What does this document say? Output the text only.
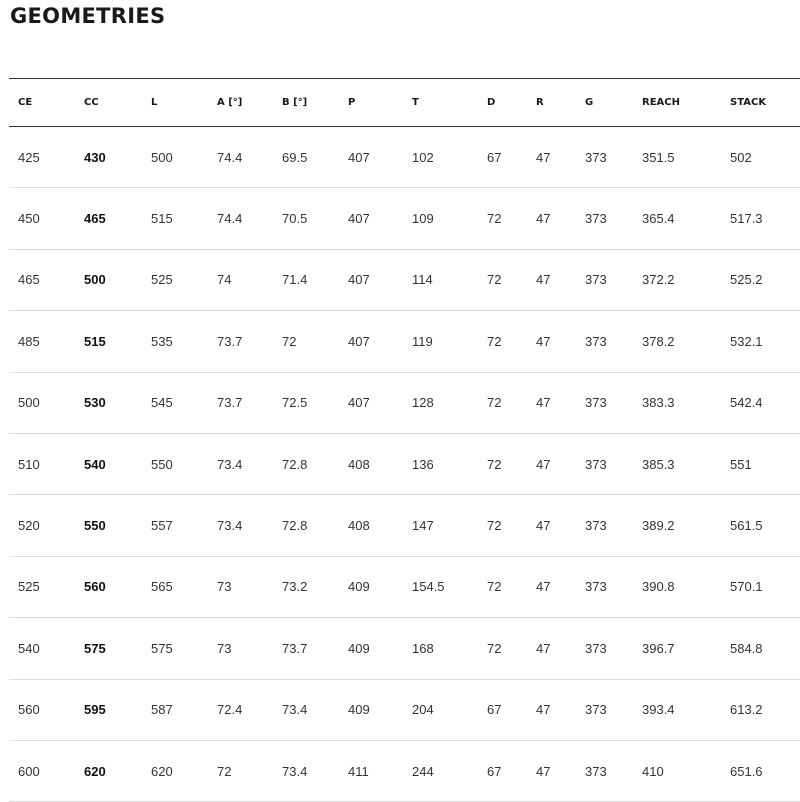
GEOMETRIES
CE	CC	L	A [°]	B [°]	P	T	D	R	G	REACH	STACK
425	430	500	74.4	69.5	407	102	67	47	373	351.5	502
450	465	515	74.4	70.5	407	109	72	47	373	365.4	517.3
465	500	525	74	71.4	407	114	72	47	373	372.2	525.2
485	515	535	73.7	72	407	119	72	47	373	378.2	532.1
500	530	545	73.7	72.5	407	128	72	47	373	383.3	542.4
510	540	550	73.4	72.8	408	136	72	47	373	385.3	551
520	550	557	73.4	72.8	408	147	72	47	373	389.2	561.5
525	560	565	73	73.2	409	154.5	72	47	373	390.8	570.1
540	575	575	73	73.7	409	168	72	47	373	396.7	584.8
560	595	587	72.4	73.4	409	204	67	47	373	393.4	613.2
600	620	620	72	73.4	411	244	67	47	373	410	651.6
